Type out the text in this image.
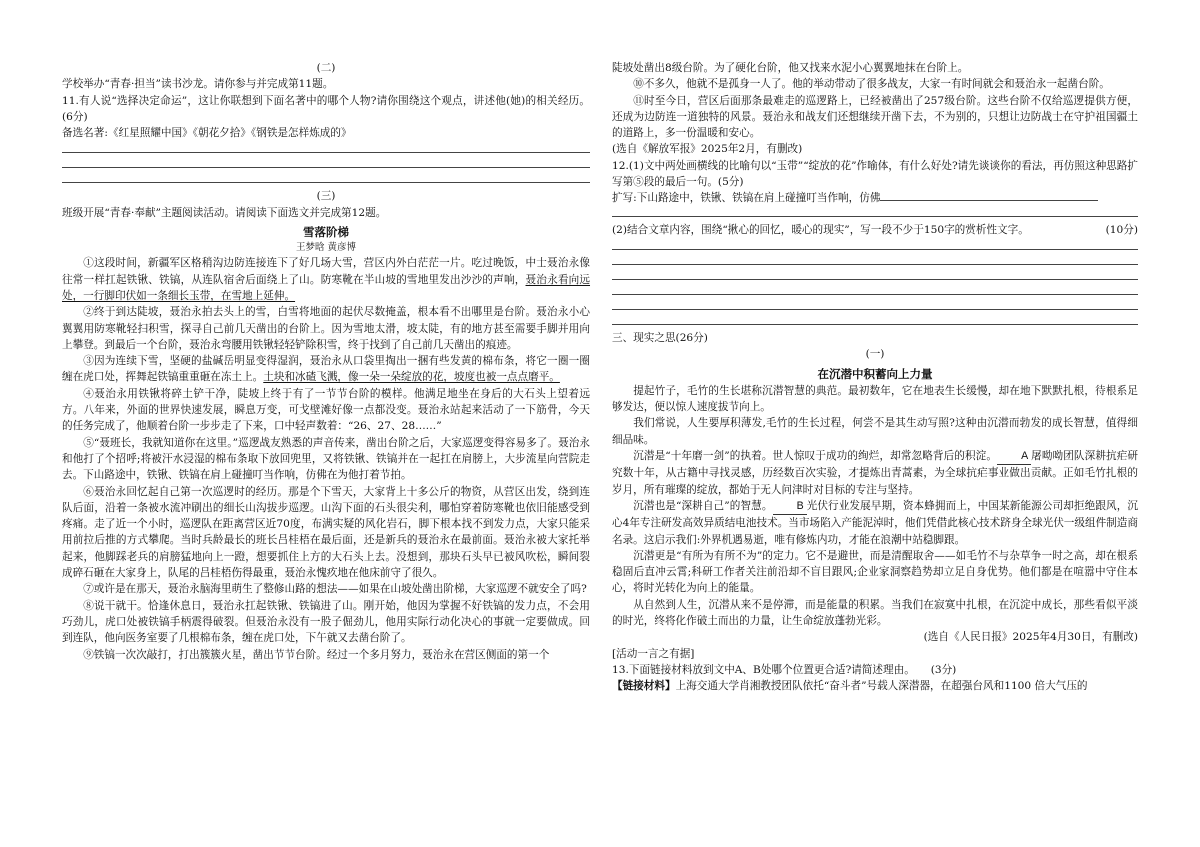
(二)

学校举办“青春·担当”读书沙龙。请你参与并完成第11题。

11.有人说“选择决定命运”，这让你联想到下面名著中的哪个人物?请你围绕这个观点，讲述他(她)的相关经历。(6分)

备选名著:《红星照耀中国》《朝花夕拾》《钢铁是怎样炼成的》

(三)

班级开展“青春·奉献”主题阅读活动。请阅读下面选文并完成第12题。

雪落阶梯

王梦晗 黄彦博

①这段时间，新疆军区格稍沟边防连接连下了好几场大雪，营区内外白茫茫一片。吃过晚饭，中士聂治永像往常一样扛起铁锹、铁镐，从连队宿舍后面绕上了山。防寒靴在半山坡的雪地里发出沙沙的声响，聂治永看向远处，一行脚印伏如一条细长玉带，在雪地上延伸。

②终于到达陡坡，聂治永拍去头上的雪，白雪将地面的起伏尽数掩盖，根本看不出哪里是台阶。聂治永小心翼翼用防寒靴轻扫积雪，探寻自己前几天凿出的台阶上。因为雪地太滑，坡太陡，有的地方甚至需要手脚并用向上攀登。到最后一个台阶，聂治永弯腰用铁锹轻轻铲除积雪，终于找到了自己前几天凿出的痕迹。

③因为连续下雪，坚硬的盐碱岳明显变得湿润，聂治永从口袋里掏出一捆有些发黄的棉布条，将它一圈一圈缠在虎口处，挥舞起铁镐重重砸在冻土上。土块和冰碴飞溅，像一朵一朵绽放的花，坡度也被一点点磨平。

④聂治永用铁锹将碎土铲干净，陡坡上终于有了一节节台阶的模样。他满足地坐在身后的大石头上望着远方。八年来，外面的世界快速发展，瞬息万变，可戈壁滩好像一点都没变。聂治永站起来活动了一下筋骨，今天的任务完成了，他顺着台阶一步步走了下来，口中轻声数着：“26、27、28……”

⑤“聂班长，我就知道你在这里。”巡逻战友熟悉的声音传来，凿出台阶之后，大家巡逻变得容易多了。聂治永和他打了个招呼;将被汗水浸湿的棉布条取下放回兜里，又将铁锹、铁镐并在一起扛在肩膀上，大步流星向营院走去。下山路途中，铁锹、铁镐在肩上碰撞叮当作响，仿佛在为他打着节拍。

⑥聂治永回忆起自己第一次巡逻时的经历。那是个下雪天，大家背上十多公斤的物资，从营区出发，绕到连队后面，沿着一条被水流冲刷出的细长山沟拔步巡逻。山沟下面的石头很尖利，哪怕穿着防寒靴也依旧能感受到疼痛。走了近一个小时，巡逻队在距离营区近70度，布满实疑的风化岩石，脚下根本找不到发力点，大家只能采用前拉后推的方式攀爬。当时兵龄最长的班长吕桂梧在最后面，还是新兵的聂治永在最前面。聂治永被大家托举起来，他脚踩老兵的肩膀猛地向上一蹬，想要抓住上方的大石头上去。没想到，那块石头早已被风吹松，瞬间裂成碎石砸在大家身上，队尾的吕桂梧伤得最重，聂治永愧疚地在他床前守了很久。

⑦或许是在那天，聂治永脑海里萌生了整修山路的想法——如果在山坡处凿出阶梯，大家巡逻不就安全了吗?

⑧说干就干。恰逢休息日，聂治永扛起铁锹、铁镐进了山。刚开始，他因为掌握不好铁镐的发力点，不会用巧劲儿，虎口处被铁镐手柄震得破裂。但聂治永没有一股子倔劲儿，他用实际行动化决心的事就一定要做成。回到连队，他向医务室要了几根棉布条，缠在虎口处，下午就又去凿台阶了。

⑨铁镐一次次敲打，打出簇簇火星，凿出节节台阶。经过一个多月努力，聂治永在营区侧面的第一个

陡坡处凿出8级台阶。为了硬化台阶，他又找来水泥小心翼翼地抹在台阶上。

⑩不多久，他就不是孤身一人了。他的举动带动了很多战友，大家一有时间就会和聂治永一起凿台阶。

⑪时至今日，营区后面那条最难走的巡逻路上，已经被凿出了257级台阶。这些台阶不仅给巡逻提供方便，还成为边防连一道独特的风景。聂治永和战友们还想继续开凿下去，不为别的，只想让边防战士在守护祖国疆土的道路上，多一份温暖和安心。

(选自《解放军报》2025年2月，有删改)

12.(1)文中两处画横线的比喻句以“玉带”“绽放的花”作喻体，有什么好处?请先谈谈你的看法，再仿照这种思路扩写第⑤段的最后一句。(5分)

扩写:下山路途中，铁锹、铁镐在肩上碰撞叮当作响，仿佛

(2)结合文章内容，围绕“揪心的回忆，暖心的现实”，写一段不少于150字的赏析性文字。	(10分)

三、现实之思(26分)

(一)

在沉潜中积蓄向上力量

提起竹子，毛竹的生长堪称沉潜智慧的典范。最初数年，它在地表生长缓慢，却在地下默默扎根，待根系足够发达，便以惊人速度拔节向上。

我们常说，人生要厚积薄发,毛竹的生长过程，何尝不是其生动写照?这种由沉潜而勃发的成长智慧，值得细细品味。

沉潜是“十年磨一剑”的执着。世人惊叹于成功的绚烂，却常忽略背后的积淀。 A 屠呦呦团队深耕抗疟研究数十年，从古籍中寻找灵感，历经数百次实验，才提炼出青蒿素，为全球抗疟事业做出贡献。正如毛竹扎根的岁月，所有璀璨的绽放，都始于无人问津时对目标的专注与坚持。

沉潜也是“深耕自己”的智慧。 B 光伏行业发展早期，资本蜂拥而上，中国某新能源公司却拒绝跟风，沉心4年专注研发高效异质结电池技术。当市场陷入产能泥淖时，他们凭借此核心技术跻身全球光伏一级组件制造商名录。这启示我们:外界机遇易逝，唯有修炼内功，才能在浪潮中站稳脚跟。

沉潜更是“有所为有所不为”的定力。它不是避世，而是清醒取舍——如毛竹不与杂草争一时之高，却在根系稳固后直冲云霄;科研工作者关注前沿却不盲目跟风;企业家洞察趋势却立足自身优势。他们都是在喧嚣中守住本心，将时光转化为向上的能量。

从自然到人生，沉潜从来不是停滞，而是能量的积累。当我们在寂寞中扎根，在沉淀中成长，那些看似平淡的时光，终将化作破土而出的力量，让生命绽放蓬勃光彩。

(选自《人民日报》2025年4月30日，有删改)

[活动一言之有据]

13.下面链接材料放到文中A、B处哪个位置更合适?请简述理由。　　 (3分)

【链接材料】上海交通大学肖湘教授团队依托“奋斗者”号载人深潜器，在超强台风和1100 倍大气压的
